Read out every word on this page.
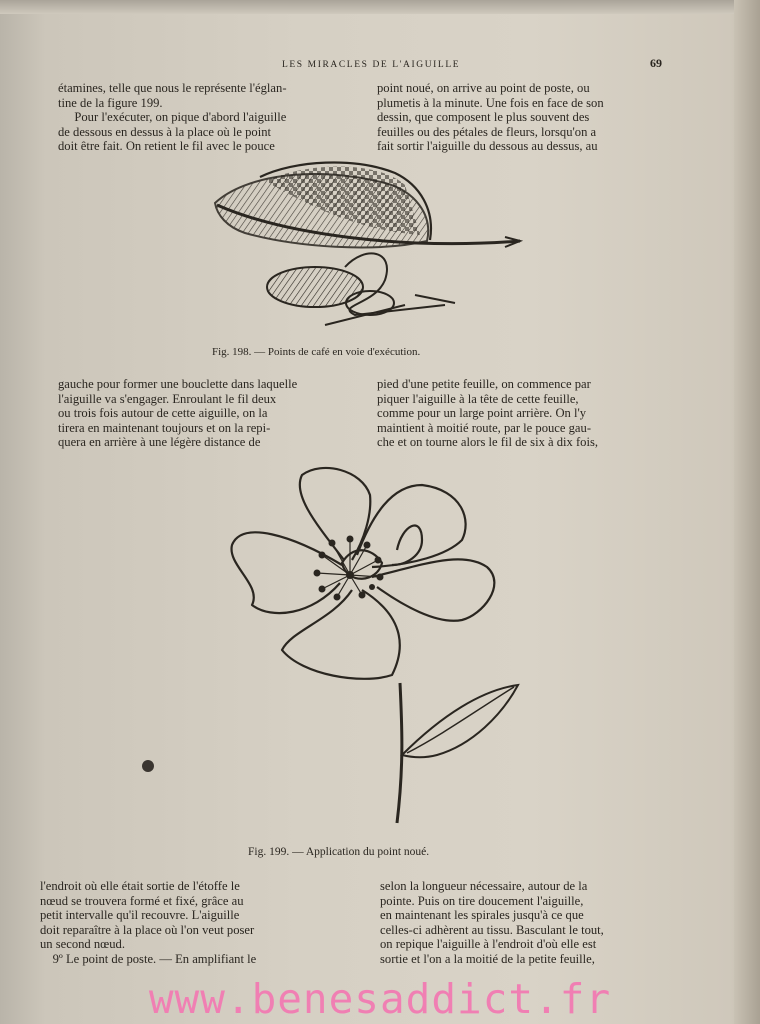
LES MIRACLES DE L'AIGUILLE	69

étamines, telle que nous le représente l'églan-

tine de la figure 199.

Pour l'exécuter, on pique d'abord l'aiguille

de dessous en dessus à la place où le point

doit être fait. On retient le fil avec le pouce

point noué, on arrive au point de poste, ou

plumetis à la minute. Une fois en face de son

dessin, que composent le plus souvent des

feuilles ou des pétales de fleurs, lorsqu'on a

fait sortir l'aiguille du dessous au dessus, au

Fig. 198. — Points de café en voie d'exécution.

gauche pour former une bouclette dans laquelle

l'aiguille va s'engager. Enroulant le fil deux

ou trois fois autour de cette aiguille, on la

tirera en maintenant toujours et on la repi-

quera en arrière à une légère distance de

pied d'une petite feuille, on commence par

piquer l'aiguille à la tête de cette feuille,

comme pour un large point arrière. On l'y

maintient à moitié route, par le pouce gau-

che et on tourne alors le fil de six à dix fois,

Fig. 199. — Application du point noué.

l'endroit où elle était sortie de l'étoffe le

nœud se trouvera formé et fixé, grâce au

petit intervalle qu'il recouvre. L'aiguille

doit reparaître à la place où l'on veut poser

un second nœud.

9º Le point de poste. — En amplifiant le

selon la longueur nécessaire, autour de la

pointe. Puis on tire doucement l'aiguille,

en maintenant les spirales jusqu'à ce que

celles-ci adhèrent au tissu. Basculant le tout,

on repique l'aiguille à l'endroit d'où elle est

sortie et l'on a la moitié de la petite feuille,

www.benesaddict.fr
